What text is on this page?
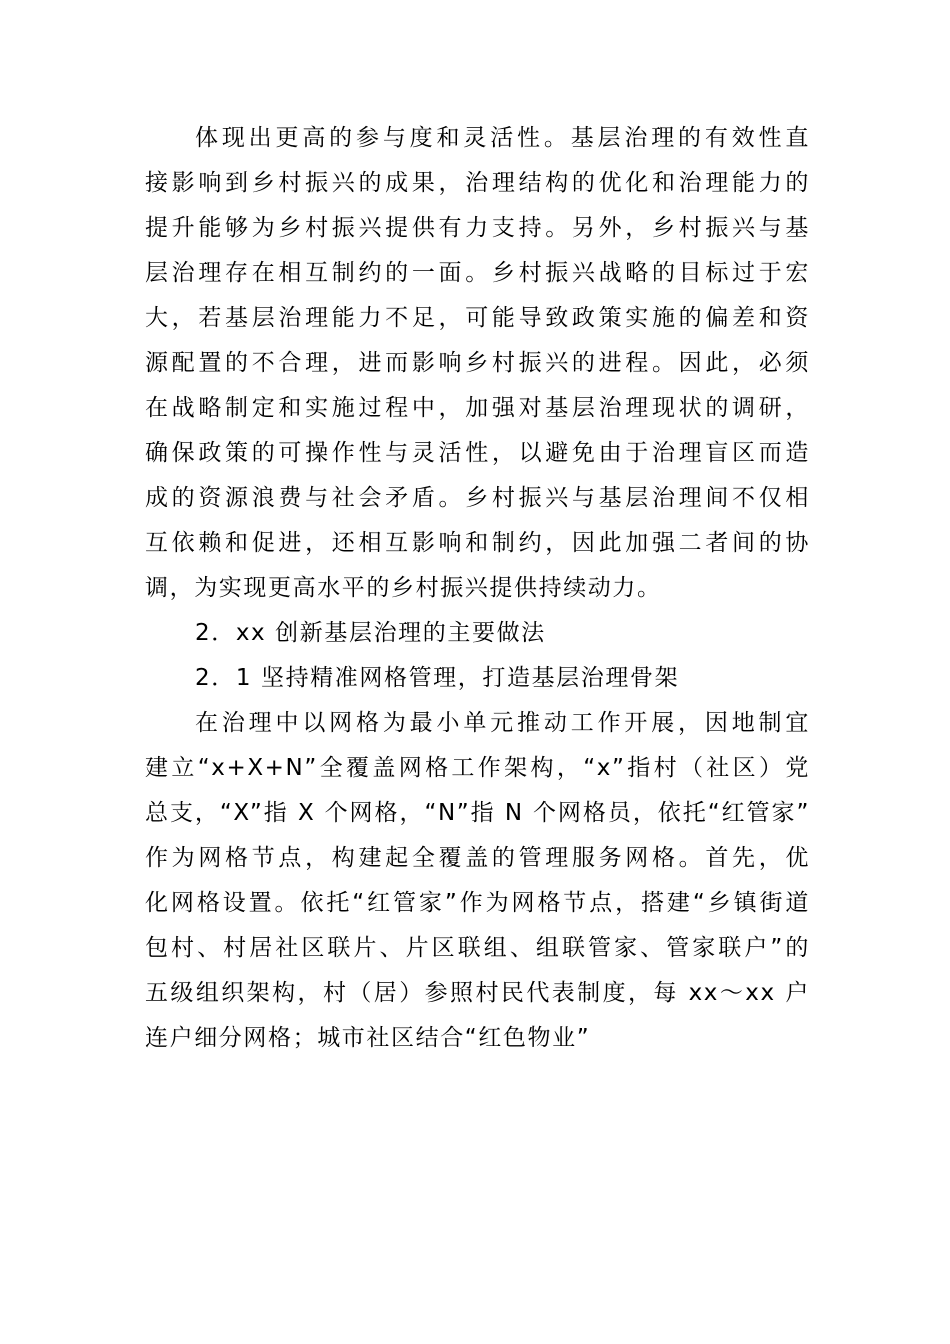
体现出更高的参与度和灵活性。基层治理的有效性直
接影响到乡村振兴的成果，治理结构的优化和治理能力的
提升能够为乡村振兴提供有力支持。另外，乡村振兴与基
层治理存在相互制约的一面。乡村振兴战略的目标过于宏
大，若基层治理能力不足，可能导致政策实施的偏差和资
源配置的不合理，进而影响乡村振兴的进程。因此，必须
在战略制定和实施过程中，加强对基层治理现状的调研，
确保政策的可操作性与灵活性，以避免由于治理盲区而造
成的资源浪费与社会矛盾。乡村振兴与基层治理间不仅相
互依赖和促进，还相互影响和制约，因此加强二者间的协
调，为实现更高水平的乡村振兴提供持续动力。
2．xx 创新基层治理的主要做法
2．1 坚持精准网格管理，打造基层治理骨架
在治理中以网格为最小单元推动工作开展，因地制宜
建立“x+X+N”全覆盖网格工作架构，“x”指村（社区）党
总支，“X”指 X 个网格，“N”指 N 个网格员，依托“红管家”
作为网格节点，构建起全覆盖的管理服务网格。首先，优
化网格设置。依托“红管家”作为网格节点，搭建“乡镇街道
包村、村居社区联片、片区联组、组联管家、管家联户”的
五级组织架构，村（居）参照村民代表制度，每 xx～xx 户
连户细分网格；城市社区结合“红色物业”
